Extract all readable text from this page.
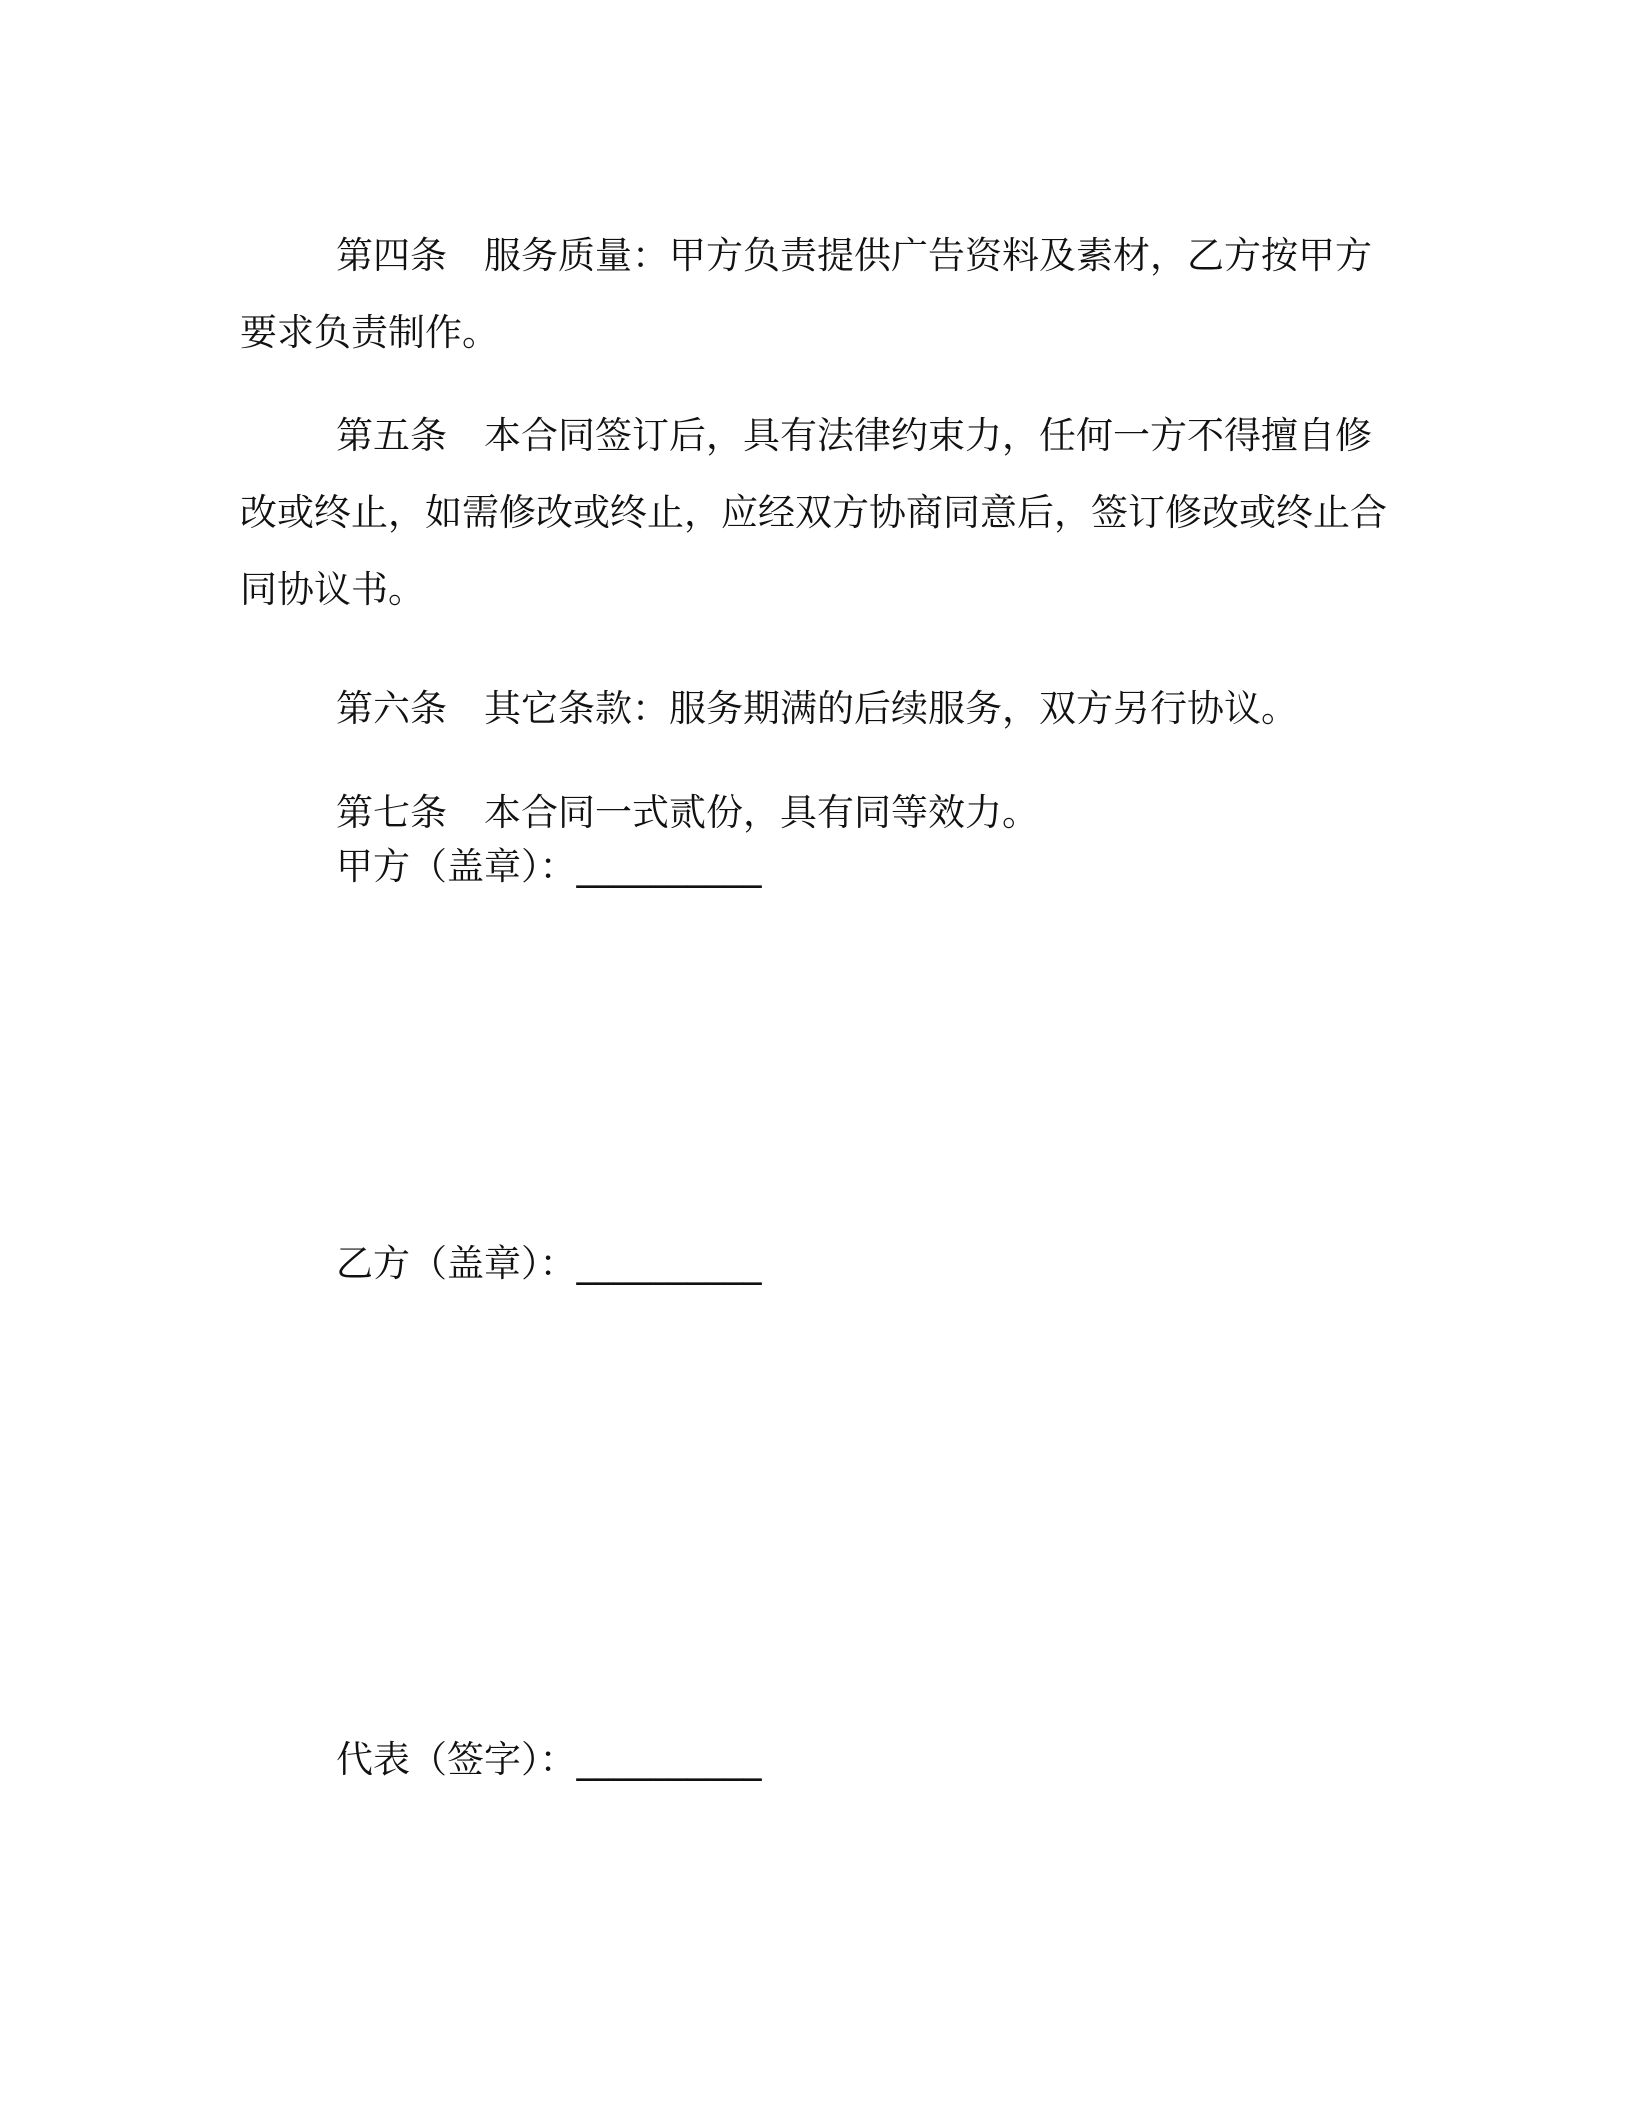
第四条　服务质量：甲方负责提供广告资料及素材，乙方按甲方要求负责制作。

第五条　本合同签订后，具有法律约束力，任何一方不得擅自修改或终止，如需修改或终止，应经双方协商同意后，签订修改或终止合同协议书。

第六条　其它条款：服务期满的后续服务，双方另行协议。

第七条　本合同一式贰份，具有同等效力。

甲方（盖章）：__________
乙方（盖章）：__________
代表（签字）：__________
